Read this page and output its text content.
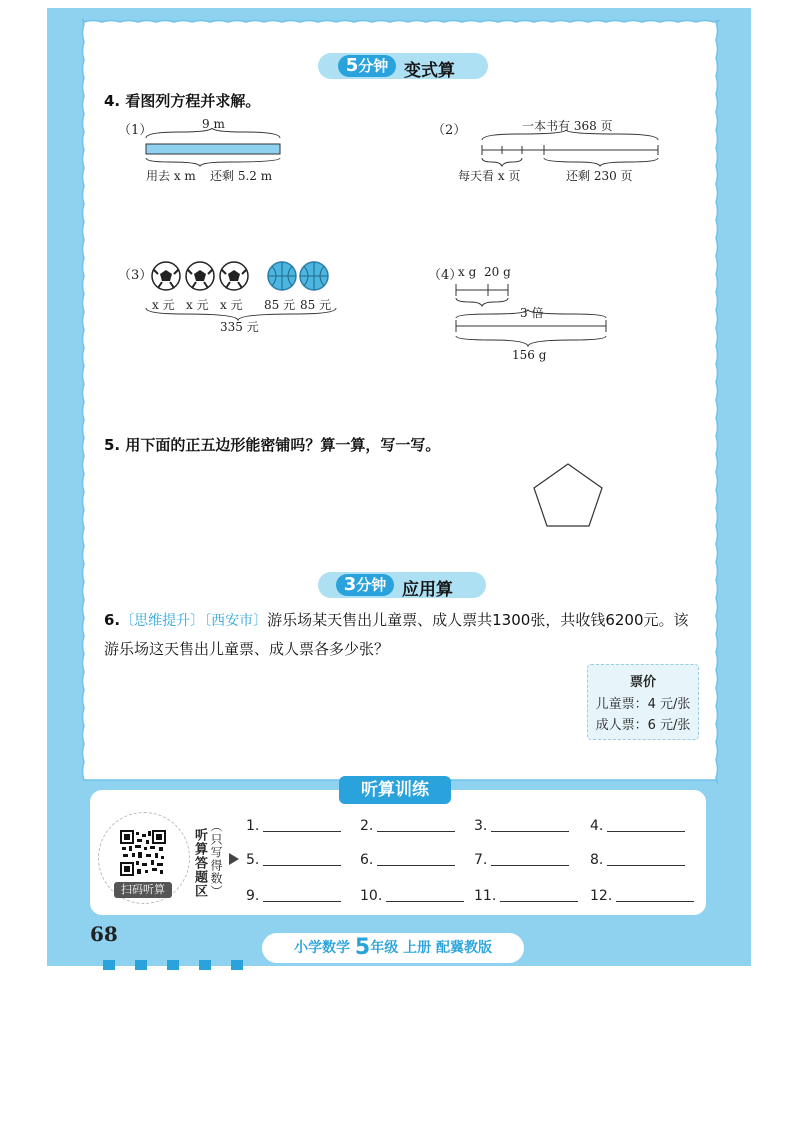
5分钟 变式算
4. 看图列方程并求解。
（1）	9 m
用去 x m 还剩 5.2 m
（2）	一本书有 368 页
每天看 x 页	还剩 230 页
（3）
x 元 x 元 x 元 85 元 85 元
335 元
（4）
x g 20 g
3 倍
156 g
5. 用下面的正五边形能密铺吗？算一算，写一写。
3分钟 应用算
6.〔思维提升〕〔西安市〕游乐场某天售出儿童票、成人票共1300张，共收钱6200元。该
游乐场这天售出儿童票、成人票各多少张？
票价
儿童票：4 元/张
成人票：6 元/张
听算训练
扫码听算	听算答题区 （只写得数） 1.	2.	3.	4.
5.	6.	7.	8.
9.	10.	11.	12.
68
小学数学 5年级 上册 配冀教版
